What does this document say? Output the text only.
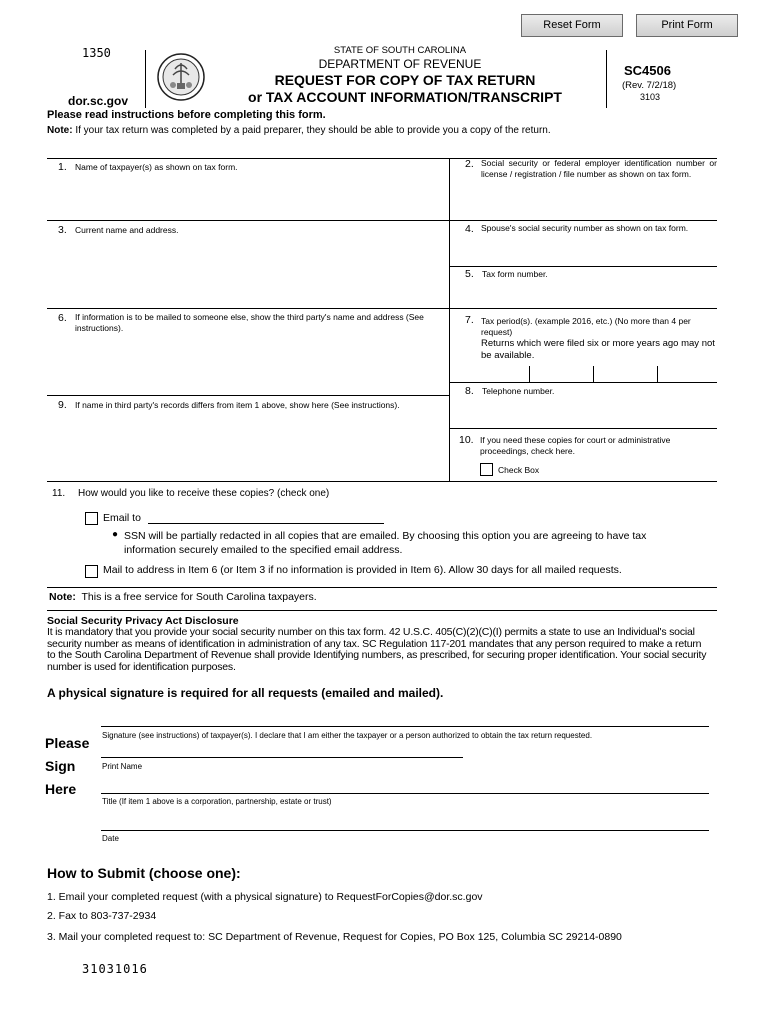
Reset Form	Print Form
1350
dor.sc.gov
STATE OF SOUTH CAROLINA
DEPARTMENT OF REVENUE
REQUEST FOR COPY OF TAX RETURN
or TAX ACCOUNT INFORMATION/TRANSCRIPT
SC4506
(Rev. 7/2/18)
3103
Please read instructions before completing this form.
Note: If your tax return was completed by a paid preparer, they should be able to provide you a copy of the return.
1. Name of taxpayer(s) as shown on tax form.	2. Social security or federal employer identification number or license / registration / file number as shown on tax form.
3. Current name and address.	4. Spouse's social security number as shown on tax form.
5. Tax form number.
6. If information is to be mailed to someone else, show the third party's name and address (See instructions).
7. Tax period(s). (example 2016, etc.) (No more than 4 per request)
Returns which were filed six or more years ago may not be available.
8. Telephone number.
9. If name in third party's records differs from item 1 above, show here (See instructions).
10. If you need these copies for court or administrative proceedings, check here.
Check Box
11. How would you like to receive these copies? (check one)
Email to
● SSN will be partially redacted in all copies that are emailed. By choosing this option you are agreeing to have tax information securely emailed to the specified email address.
Mail to address in Item 6 (or Item 3 if no information is provided in Item 6). Allow 30 days for all mailed requests.
Note: This is a free service for South Carolina taxpayers.
Social Security Privacy Act Disclosure
It is mandatory that you provide your social security number on this tax form. 42 U.S.C. 405(C)(2)(C)(I) permits a state to use an Individual's social security number as means of identification in administration of any tax. SC Regulation 117-201 mandates that any person required to make a return to the South Carolina Department of Revenue shall provide Identifying numbers, as prescribed, for securing proper identification. Your social security number is used for identification purposes.
A physical signature is required for all requests (emailed and mailed).
Please
Sign
Here
Signature (see instructions) of taxpayer(s). I declare that I am either the taxpayer or a person authorized to obtain the tax return requested.
Print Name
Title (If item 1 above is a corporation, partnership, estate or trust)
Date
How to Submit (choose one):
1. Email your completed request (with a physical signature) to RequestForCopies@dor.sc.gov
2. Fax to 803-737-2934
3. Mail your completed request to: SC Department of Revenue, Request for Copies, PO Box 125, Columbia SC 29214-0890
31031016
